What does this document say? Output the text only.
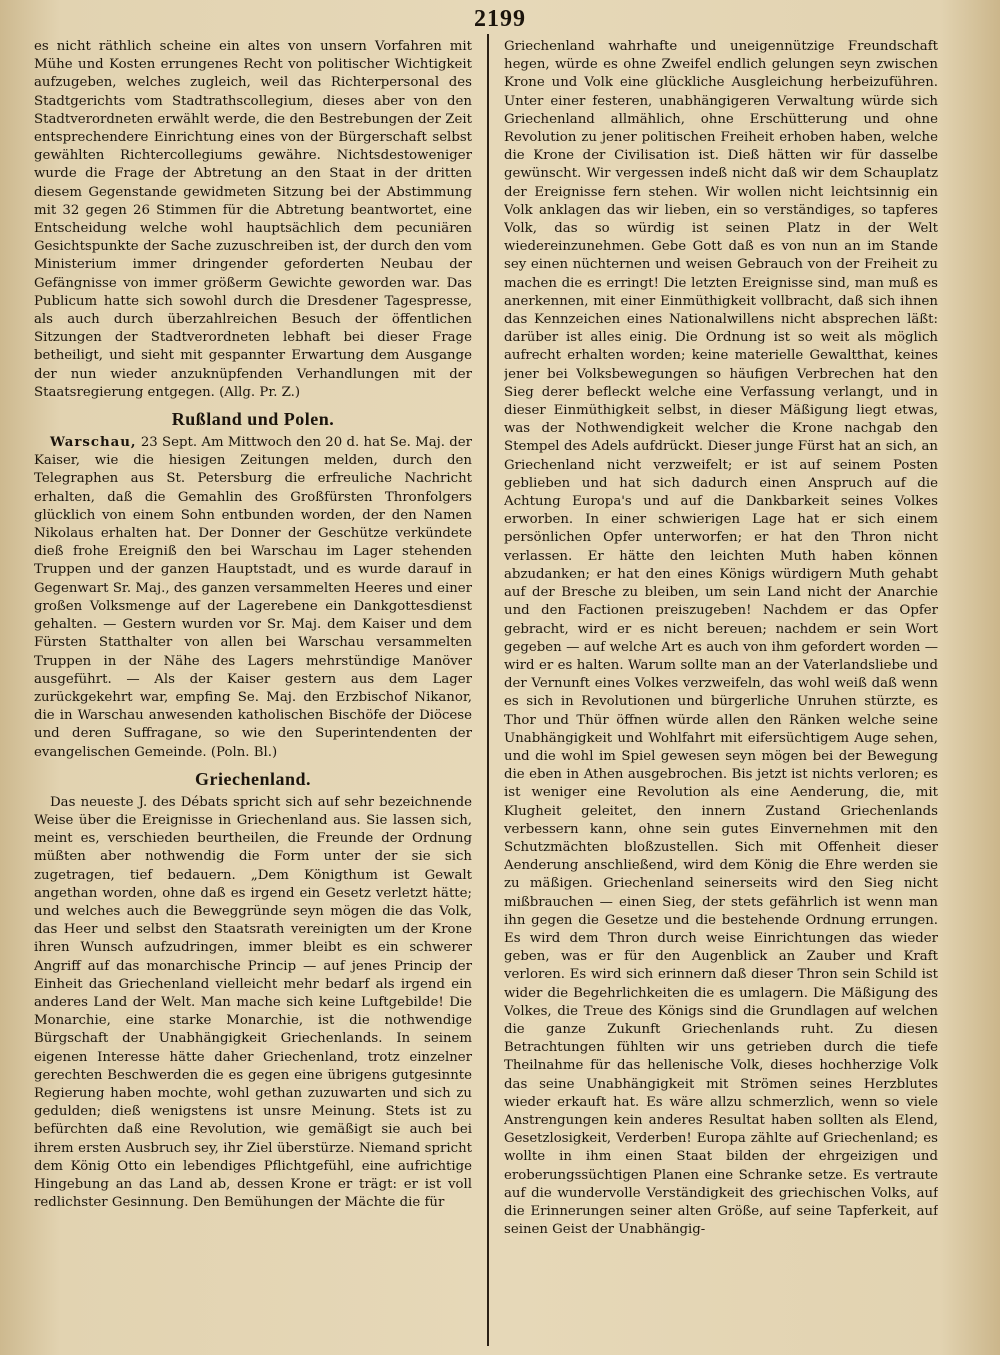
2199

es nicht räthlich scheine ein altes von unsern Vorfahren mit Mühe und Kosten errungenes Recht von politischer Wichtigkeit aufzugeben, welches zugleich, weil das Richterpersonal des Stadtgerichts vom Stadtrathscollegium, dieses aber von den Stadtverordneten erwählt werde, die den Bestrebungen der Zeit entsprechendere Einrichtung eines von der Bürgerschaft selbst gewählten Richtercollegiums gewähre. Nichtsdestoweniger wurde die Frage der Abtretung an den Staat in der dritten diesem Gegenstande gewidmeten Sitzung bei der Abstimmung mit 32 gegen 26 Stimmen für die Abtretung beantwortet, eine Entscheidung welche wohl hauptsächlich dem pecuniären Gesichtspunkte der Sache zuzuschreiben ist, der durch den vom Ministerium immer dringender geforderten Neubau der Gefängnisse von immer größerm Gewichte geworden war. Das Publicum hatte sich sowohl durch die Dresdener Tagespresse, als auch durch überzahlreichen Besuch der öffentlichen Sitzungen der Stadtverordneten lebhaft bei dieser Frage betheiligt, und sieht mit gespannter Erwartung dem Ausgange der nun wieder anzuknüpfenden Verhandlungen mit der Staatsregierung entgegen. (Allg. Pr. Z.)

Rußland und Polen.

Warschau, 23 Sept. Am Mittwoch den 20 d. hat Se. Maj. der Kaiser, wie die hiesigen Zeitungen melden, durch den Telegraphen aus St. Petersburg die erfreuliche Nachricht erhalten, daß die Gemahlin des Großfürsten Thronfolgers glücklich von einem Sohn entbunden worden, der den Namen Nikolaus erhalten hat. Der Donner der Geschütze verkündete dieß frohe Ereigniß den bei Warschau im Lager stehenden Truppen und der ganzen Hauptstadt, und es wurde darauf in Gegenwart Sr. Maj., des ganzen versammelten Heeres und einer großen Volksmenge auf der Lagerebene ein Dankgottesdienst gehalten. — Gestern wurden vor Sr. Maj. dem Kaiser und dem Fürsten Statthalter von allen bei Warschau versammelten Truppen in der Nähe des Lagers mehrstündige Manöver ausgeführt. — Als der Kaiser gestern aus dem Lager zurückgekehrt war, empfing Se. Maj. den Erzbischof Nikanor, die in Warschau anwesenden katholischen Bischöfe der Diöcese und deren Suffragane, so wie den Superintendenten der evangelischen Gemeinde. (Poln. Bl.)

Griechenland.

Das neueste J. des Débats spricht sich auf sehr bezeichnende Weise über die Ereignisse in Griechenland aus. Sie lassen sich, meint es, verschieden beurtheilen, die Freunde der Ordnung müßten aber nothwendig die Form unter der sie sich zugetragen, tief bedauern. „Dem Königthum ist Gewalt angethan worden, ohne daß es irgend ein Gesetz verletzt hätte; und welches auch die Beweggründe seyn mögen die das Volk, das Heer und selbst den Staatsrath vereinigten um der Krone ihren Wunsch aufzudringen, immer bleibt es ein schwerer Angriff auf das monarchische Princip — auf jenes Princip der Einheit das Griechenland vielleicht mehr bedarf als irgend ein anderes Land der Welt. Man mache sich keine Luftgebilde! Die Monarchie, eine starke Monarchie, ist die nothwendige Bürgschaft der Unabhängigkeit Griechenlands. In seinem eigenen Interesse hätte daher Griechenland, trotz einzelner gerechten Beschwerden die es gegen eine übrigens gutgesinnte Regierung haben mochte, wohl gethan zuzuwarten und sich zu gedulden; dieß wenigstens ist unsre Meinung. Stets ist zu befürchten daß eine Revolution, wie gemäßigt sie auch bei ihrem ersten Ausbruch sey, ihr Ziel überstürze. Niemand spricht dem König Otto ein lebendiges Pflichtgefühl, eine aufrichtige Hingebung an das Land ab, dessen Krone er trägt: er ist voll redlichster Gesinnung. Den Bemühungen der Mächte die für

Griechenland wahrhafte und uneigennützige Freundschaft hegen, würde es ohne Zweifel endlich gelungen seyn zwischen Krone und Volk eine glückliche Ausgleichung herbeizuführen. Unter einer festeren, unabhängigeren Verwaltung würde sich Griechenland allmählich, ohne Erschütterung und ohne Revolution zu jener politischen Freiheit erhoben haben, welche die Krone der Civilisation ist. Dieß hätten wir für dasselbe gewünscht. Wir vergessen indeß nicht daß wir dem Schauplatz der Ereignisse fern stehen. Wir wollen nicht leichtsinnig ein Volk anklagen das wir lieben, ein so verständiges, so tapferes Volk, das so würdig ist seinen Platz in der Welt wiedereinzunehmen. Gebe Gott daß es von nun an im Stande sey einen nüchternen und weisen Gebrauch von der Freiheit zu machen die es erringt! Die letzten Ereignisse sind, man muß es anerkennen, mit einer Einmüthigkeit vollbracht, daß sich ihnen das Kennzeichen eines Nationalwillens nicht absprechen läßt: darüber ist alles einig. Die Ordnung ist so weit als möglich aufrecht erhalten worden; keine materielle Gewaltthat, keines jener bei Volksbewegungen so häufigen Verbrechen hat den Sieg derer befleckt welche eine Verfassung verlangt, und in dieser Einmüthigkeit selbst, in dieser Mäßigung liegt etwas, was der Nothwendigkeit welcher die Krone nachgab den Stempel des Adels aufdrückt. Dieser junge Fürst hat an sich, an Griechenland nicht verzweifelt; er ist auf seinem Posten geblieben und hat sich dadurch einen Anspruch auf die Achtung Europa's und auf die Dankbarkeit seines Volkes erworben. In einer schwierigen Lage hat er sich einem persönlichen Opfer unterworfen; er hat den Thron nicht verlassen. Er hätte den leichten Muth haben können abzudanken; er hat den eines Königs würdigern Muth gehabt auf der Bresche zu bleiben, um sein Land nicht der Anarchie und den Factionen preiszugeben! Nachdem er das Opfer gebracht, wird er es nicht bereuen; nachdem er sein Wort gegeben — auf welche Art es auch von ihm gefordert worden — wird er es halten. Warum sollte man an der Vaterlandsliebe und der Vernunft eines Volkes verzweifeln, das wohl weiß daß wenn es sich in Revolutionen und bürgerliche Unruhen stürzte, es Thor und Thür öffnen würde allen den Ränken welche seine Unabhängigkeit und Wohlfahrt mit eifersüchtigem Auge sehen, und die wohl im Spiel gewesen seyn mögen bei der Bewegung die eben in Athen ausgebrochen. Bis jetzt ist nichts verloren; es ist weniger eine Revolution als eine Aenderung, die, mit Klugheit geleitet, den innern Zustand Griechenlands verbessern kann, ohne sein gutes Einvernehmen mit den Schutzmächten bloßzustellen. Sich mit Offenheit dieser Aenderung anschließend, wird dem König die Ehre werden sie zu mäßigen. Griechenland seinerseits wird den Sieg nicht mißbrauchen — einen Sieg, der stets gefährlich ist wenn man ihn gegen die Gesetze und die bestehende Ordnung errungen. Es wird dem Thron durch weise Einrichtungen das wieder geben, was er für den Augenblick an Zauber und Kraft verloren. Es wird sich erinnern daß dieser Thron sein Schild ist wider die Begehrlichkeiten die es umlagern. Die Mäßigung des Volkes, die Treue des Königs sind die Grundlagen auf welchen die ganze Zukunft Griechenlands ruht. Zu diesen Betrachtungen fühlten wir uns getrieben durch die tiefe Theilnahme für das hellenische Volk, dieses hochherzige Volk das seine Unabhängigkeit mit Strömen seines Herzblutes wieder erkauft hat. Es wäre allzu schmerzlich, wenn so viele Anstrengungen kein anderes Resultat haben sollten als Elend, Gesetzlosigkeit, Verderben! Europa zählte auf Griechenland; es wollte in ihm einen Staat bilden der ehrgeizigen und eroberungssüchtigen Planen eine Schranke setze. Es vertraute auf die wundervolle Verständigkeit des griechischen Volks, auf die Erinnerungen seiner alten Größe, auf seine Tapferkeit, auf seinen Geist der Unabhängig-
